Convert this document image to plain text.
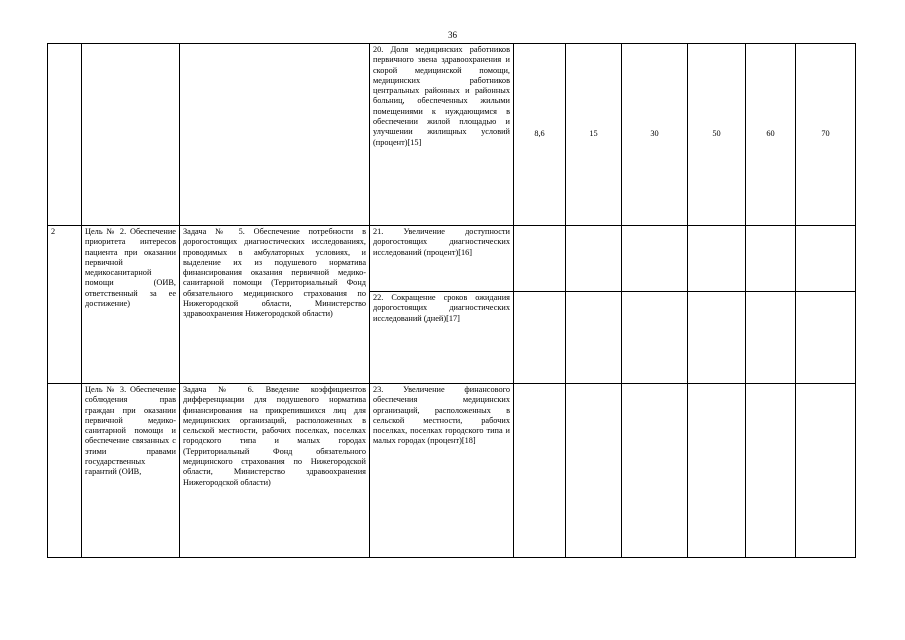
36

			20. Доля медицинских работников первичного звена здравоохранения и скорой медицинской помощи, медицинских работников центральных районных и районных больниц, обеспеченных жилыми помещениями к нуждающимся в обеспечении жилой площадью и улучшении жилищных условий (процент)[15]	8,6	15	30	50	60	70
2	Цель № 2. Обеспечение приоритета интересов пациента при оказании первичной медикосанитарной помощи (ОИВ, ответственный за ее достижение)	Задача № 5. Обеспечение потребности в дорогостоящих диагностических исследованиях, проводимых в амбулаторных условиях, и выделение их из подушевого норматива финансирования оказания первичной медико-санитарной помощи (Территориальный Фонд обязательного медицинского страхования по Нижегородской области, Министерство здравоохранения Нижегородской области)	21. Увеличение доступности дорогостоящих диагностических исследований (процент)[16]						

			22. Сокращение сроков ожидания дорогостоящих диагностических исследований (дней)[17]						

	Цель № 3. Обеспечение соблюдения прав граждан при оказании первичной медико-санитарной помощи и обеспечение связанных с этими правами государственных гарантий (ОИВ,	Задача № 6. Введение коэффициентов дифференциации для подушевого норматива финансирования на прикрепившихся лиц для медицинских организаций, расположенных в сельской местности, рабочих поселках, поселках городского типа и малых городах (Территориальный Фонд обязательного медицинского страхования по Нижегородской области, Министерство здравоохранения Нижегородской области)	23. Увеличение финансового обеспечения медицинских организаций, расположенных в сельской местности, рабочих поселках, поселках городского типа и малых городах (процент)[18]						
